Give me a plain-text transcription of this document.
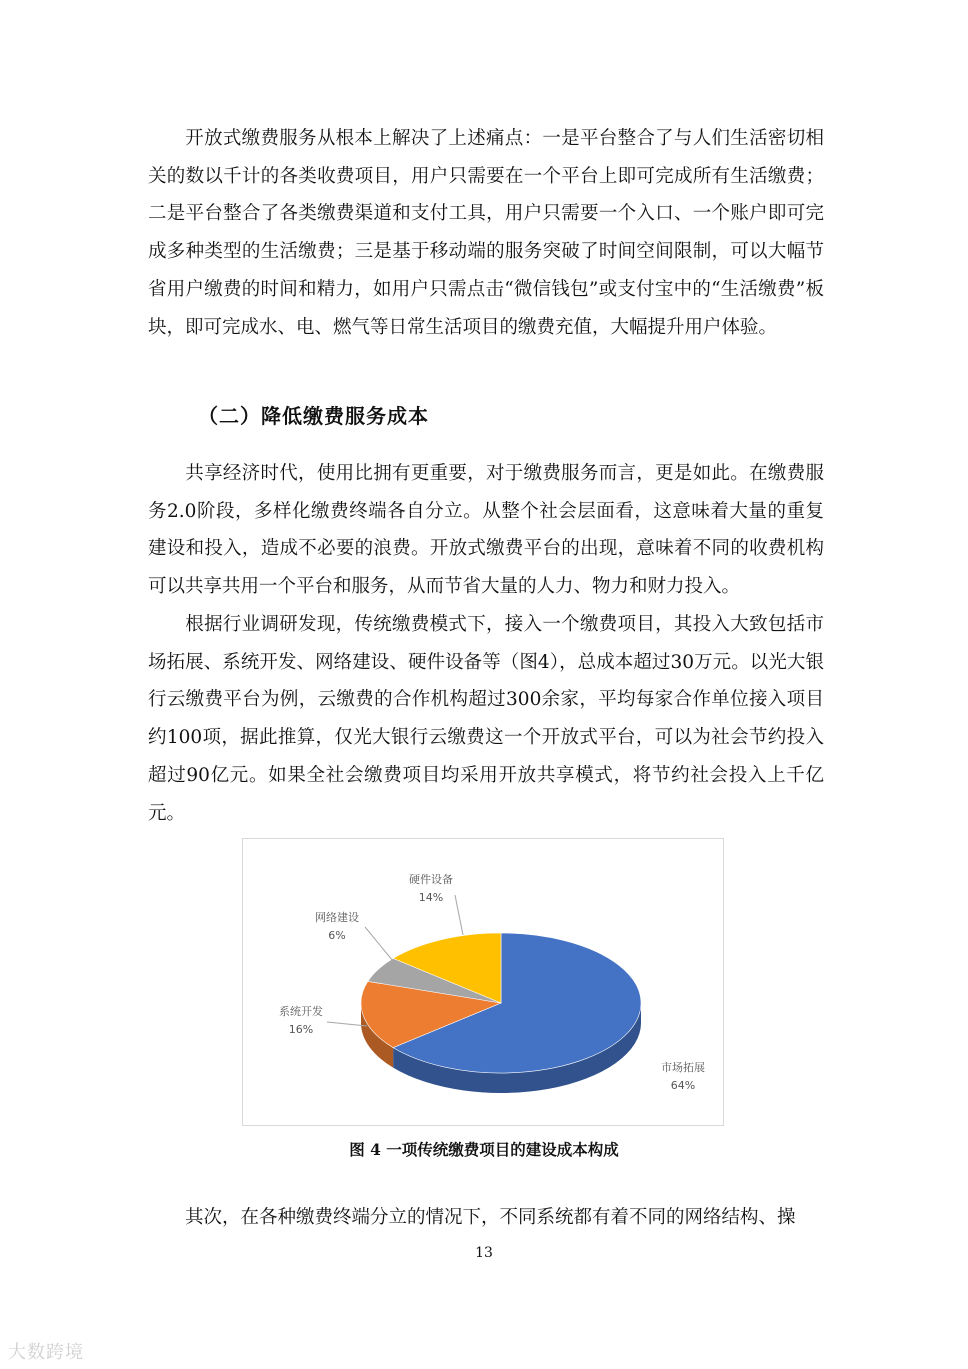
开放式缴费服务从根本上解决了上述痛点：一是平台整合了与人们生活密切相关的数以千计的各类收费项目，用户只需要在一个平台上即可完成所有生活缴费；二是平台整合了各类缴费渠道和支付工具，用户只需要一个入口、一个账户即可完成多种类型的生活缴费；三是基于移动端的服务突破了时间空间限制，可以大幅节省用户缴费的时间和精力，如用户只需点击“微信钱包”或支付宝中的“生活缴费”板块，即可完成水、电、燃气等日常生活项目的缴费充值，大幅提升用户体验。

（二）降低缴费服务成本

共享经济时代，使用比拥有更重要，对于缴费服务而言，更是如此。在缴费服务2.0阶段，多样化缴费终端各自分立。从整个社会层面看，这意味着大量的重复建设和投入，造成不必要的浪费。开放式缴费平台的出现，意味着不同的收费机构可以共享共用一个平台和服务，从而节省大量的人力、物力和财力投入。

根据行业调研发现，传统缴费模式下，接入一个缴费项目，其投入大致包括市场拓展、系统开发、网络建设、硬件设备等（图4），总成本超过30万元。以光大银行云缴费平台为例，云缴费的合作机构超过300余家，平均每家合作单位接入项目约100项，据此推算，仅光大银行云缴费这一个开放式平台，可以为社会节约投入超过90亿元。如果全社会缴费项目均采用开放共享模式，将节约社会投入上千亿元。

市场拓展
64%
系统开发
16%
网络建设
6%
硬件设备
14%

图 4 一项传统缴费项目的建设成本构成

其次，在各种缴费终端分立的情况下，不同系统都有着不同的网络结构、操

13

大数跨境
